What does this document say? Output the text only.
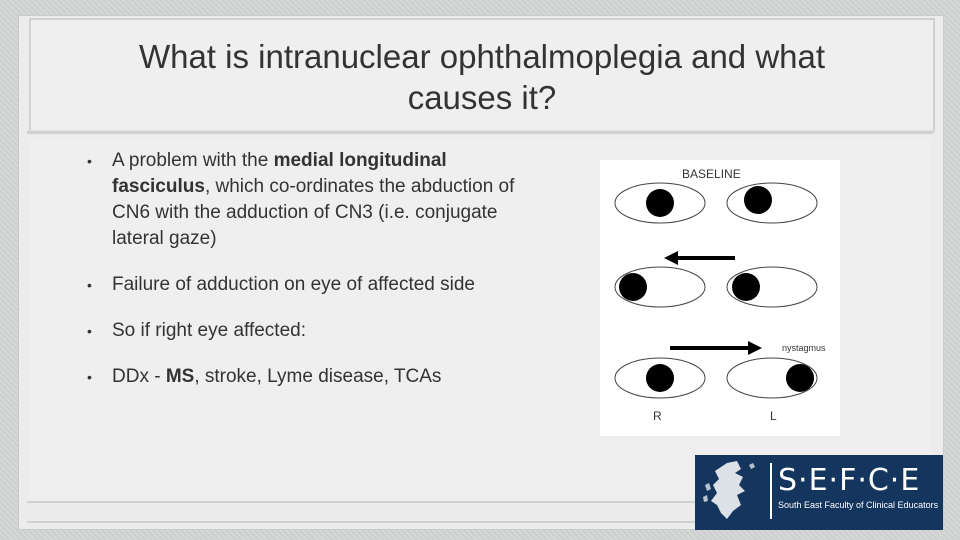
What is intranuclear ophthalmoplegia and what
causes it?
• A problem with the medial longitudinal fasciculus, which co-ordinates the abduction of CN6 with the adduction of CN3 (i.e. conjugate lateral gaze)
• Failure of adduction on eye of affected side
• So if right eye affected:
• DDx - MS, stroke, Lyme disease, TCAs
BASELINE
nystagmus
R	L
S·E·F·C·E
South East Faculty of Clinical Educators
